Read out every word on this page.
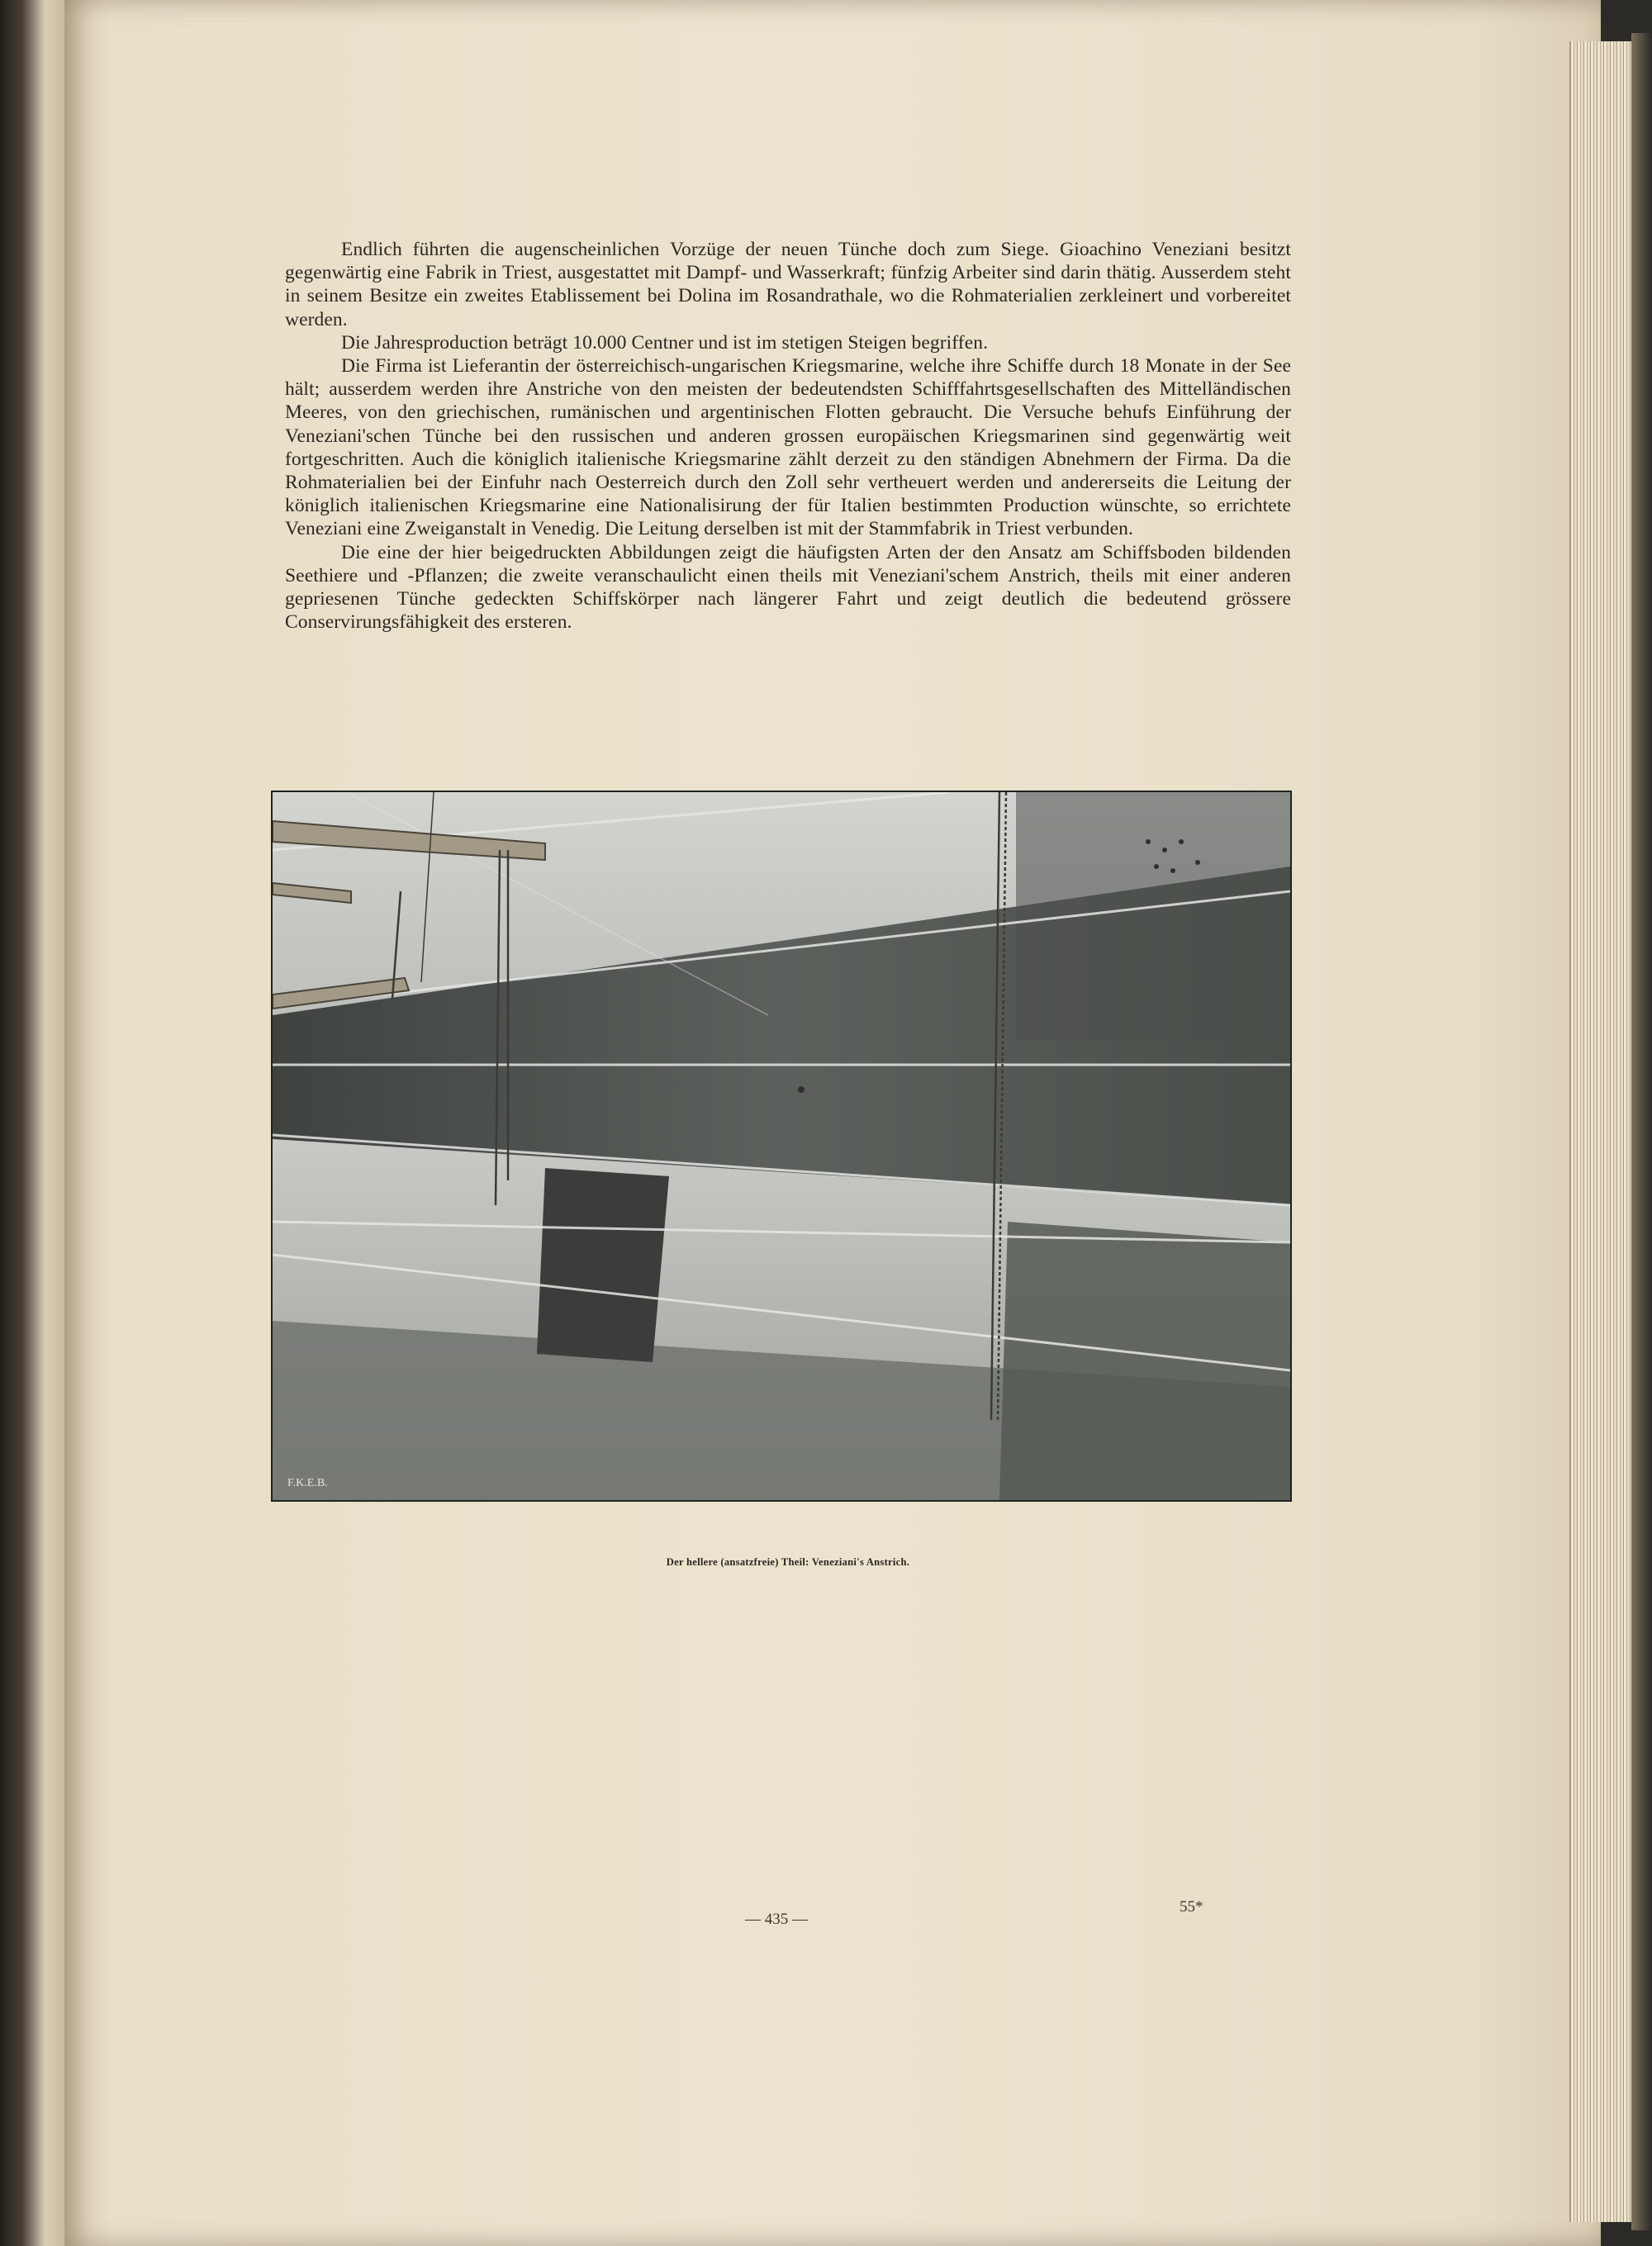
Endlich führten die augenscheinlichen Vorzüge der neuen Tünche doch zum Siege. Gioachino Veneziani besitzt gegenwärtig eine Fabrik in Triest, ausgestattet mit Dampf- und Wasserkraft; fünfzig Arbeiter sind darin thätig. Ausserdem steht in seinem Besitze ein zweites Etablissement bei Dolina im Rosandrathale, wo die Rohmaterialien zerkleinert und vorbereitet werden.

Die Jahresproduction beträgt 10.000 Centner und ist im stetigen Steigen begriffen.

Die Firma ist Lieferantin der österreichisch-ungarischen Kriegsmarine, welche ihre Schiffe durch 18 Monate in der See hält; ausserdem werden ihre Anstriche von den meisten der bedeutendsten Schifffahrtsgesellschaften des Mittelländischen Meeres, von den griechischen, rumänischen und argentinischen Flotten gebraucht. Die Versuche behufs Einführung der Veneziani'schen Tünche bei den russischen und anderen grossen europäischen Kriegsmarinen sind gegenwärtig weit fortgeschritten. Auch die königlich italienische Kriegsmarine zählt derzeit zu den ständigen Abnehmern der Firma. Da die Rohmaterialien bei der Einfuhr nach Oesterreich durch den Zoll sehr vertheuert werden und andererseits die Leitung der königlich italienischen Kriegsmarine eine Nationalisirung der für Italien bestimmten Production wünschte, so errichtete Veneziani eine Zweiganstalt in Venedig. Die Leitung derselben ist mit der Stammfabrik in Triest verbunden.

Die eine der hier beigedruckten Abbildungen zeigt die häufigsten Arten der den Ansatz am Schiffsboden bildenden Seethiere und -Pflanzen; die zweite veranschaulicht einen theils mit Veneziani'schem Anstrich, theils mit einer anderen gepriesenen Tünche gedeckten Schiffskörper nach längerer Fahrt und zeigt deutlich die bedeutend grössere Conservirungsfähigkeit des ersteren.

F.K.E.B.
Der hellere (ansatzfreie) Theil: Veneziani's Anstrich.
— 435 —
55*
